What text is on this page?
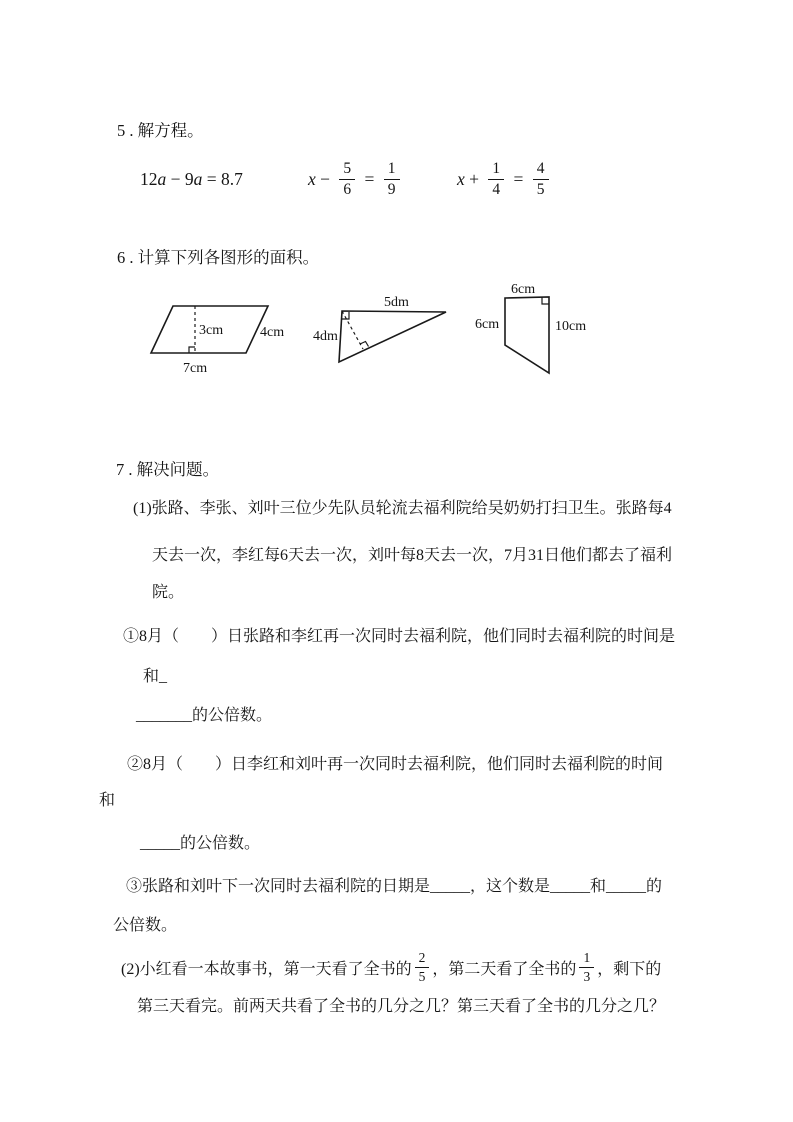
5 . 解方程。
12 a − 9 a = 8.7	$x - \frac{5}{6} = \frac{1}{9}$	$x + \frac{1}{4} = \frac{4}{5}$
6 . 计算下列各图形的面积。
3cm	4cm
7cm
5dm
4dm
6cm
6cm	10cm
7 . 解决问题。
(1)张路、李张、刘叶三位少先队员轮流去福利院给吴奶奶打扫卫生。张路每4
天去一次，李红每6天去一次，刘叶每8天去一次，7月31日他们都去了福利
院。
①8月（　　）日张路和李红再一次同时去福利院，他们同时去福利院的时间是
和_
_______的公倍数。
②8月（　　）日李红和刘叶再一次同时去福利院，他们同时去福利院的时间
和
_____的公倍数。
③张路和刘叶下一次同时去福利院的日期是_____，这个数是_____和_____的
公倍数。
(2)小红看一本故事书，第一天看了全书的 $\frac{2}{5}$ ，第二天看了全书的 $\frac{1}{3}$ ，剩下的
第三天看完。前两天共看了全书的几分之几？第三天看了全书的几分之几？
